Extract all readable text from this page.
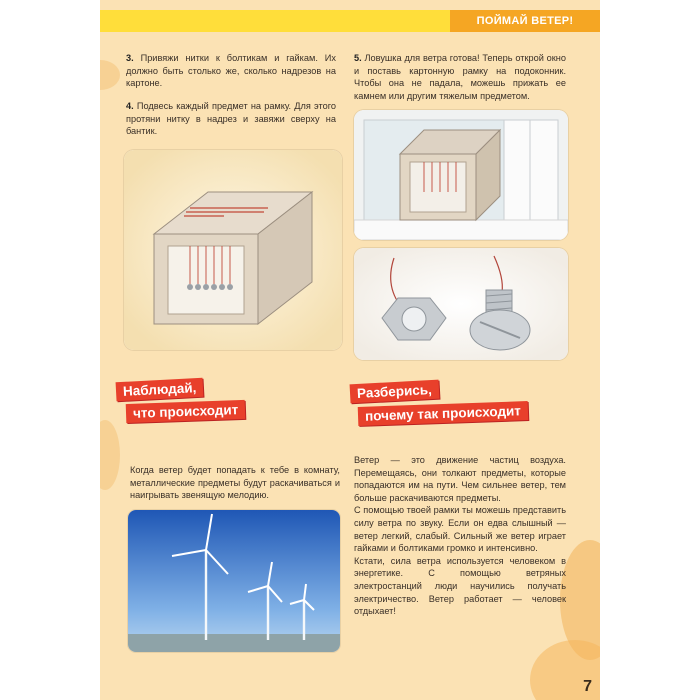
ПОЙМАЙ ВЕТЕР!
3. Привяжи нитки к болтикам и гайкам. Их должно быть столько же, сколько надрезов на картоне.
4. Подвесь каждый предмет на рамку. Для этого протяни нитку в надрез и завяжи сверху на бантик.
5. Ловушка для ветра готова! Теперь открой окно и поставь картонную рамку на подоконник. Чтобы она не падала, можешь прижать ее камнем или другим тяжелым предметом.
Наблюдай,
что происходит
Разберись,
почему так происходит
Когда ветер будет попадать к тебе в комнату, металлические предметы будут раскачиваться и наигрывать звенящую мелодию.
Ветер — это движение частиц воздуха. Перемещаясь, они толкают предметы, которые попадаются им на пути. Чем сильнее ветер, тем больше раскачиваются предметы.
С помощью твоей рамки ты можешь представить силу ветра по звуку. Если он едва слышный — ветер легкий, слабый. Сильный же ветер играет гайками и болтиками громко и интенсивно.
Кстати, сила ветра используется человеком в энергетике. С помощью ветряных электростанций люди научились получать электричество. Ветер работает — человек отдыхает!
7
